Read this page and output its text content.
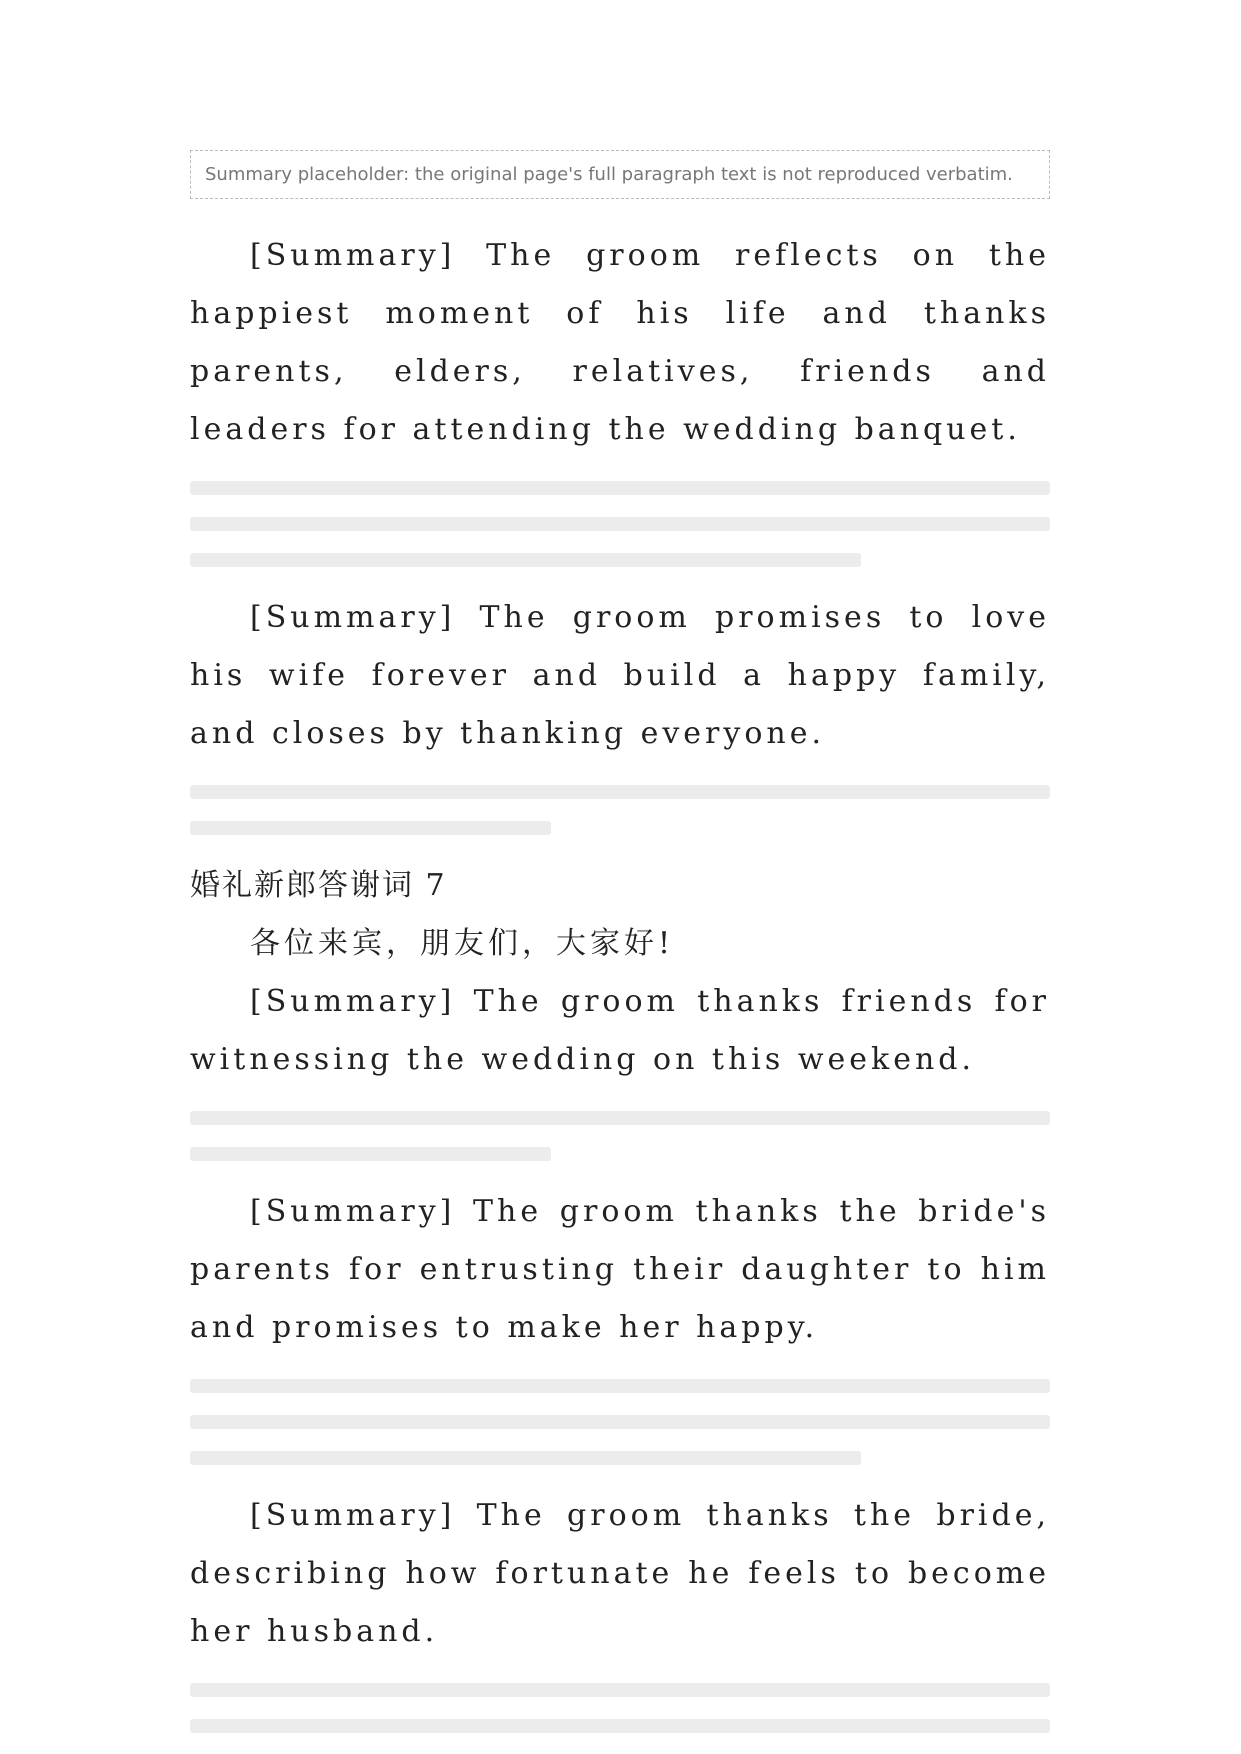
Summary placeholder: the original page's full paragraph text is not reproduced verbatim.

[Summary] The groom reflects on the happiest moment of his life and thanks parents, elders, relatives, friends and leaders for attending the wedding banquet.

[Summary] The groom promises to love his wife forever and build a happy family, and closes by thanking everyone.

婚礼新郎答谢词 7

各位来宾，朋友们，大家好!

[Summary] The groom thanks friends for witnessing the wedding on this weekend.

[Summary] The groom thanks the bride's parents for entrusting their daughter to him and promises to make her happy.

[Summary] The groom thanks the bride, describing how fortunate he feels to become her husband.
